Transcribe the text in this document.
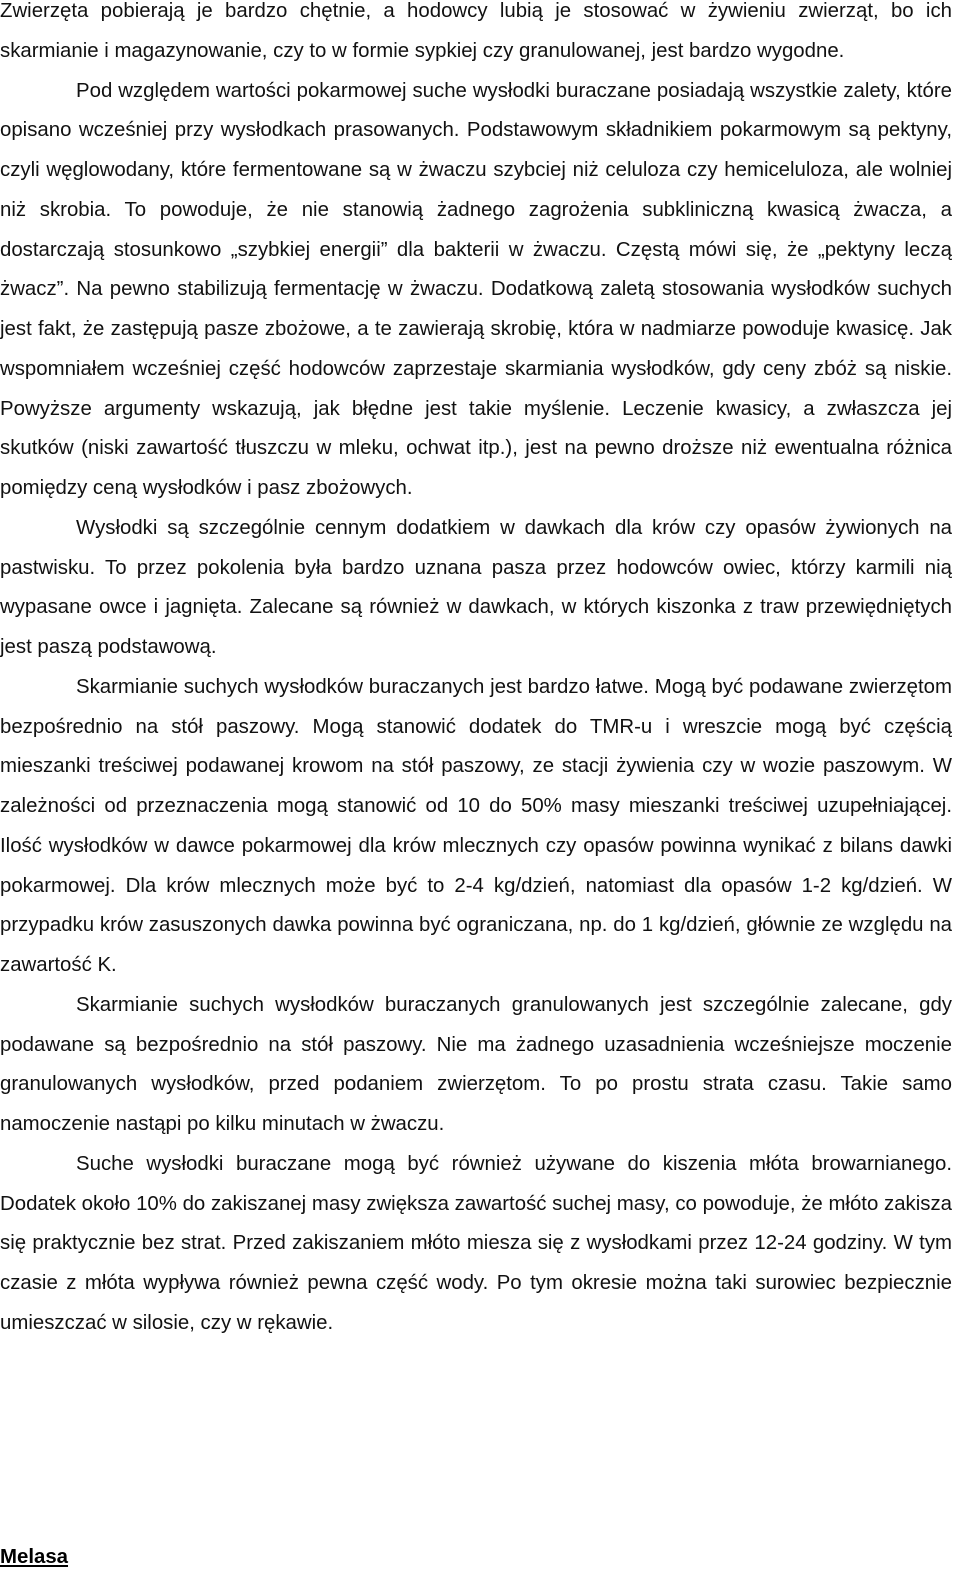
Zwierzęta pobierają je bardzo chętnie, a hodowcy lubią je stosować w żywieniu zwierząt, bo ich skarmianie i magazynowanie, czy to w formie sypkiej czy granulowanej, jest bardzo wygodne.

Pod względem wartości pokarmowej suche wysłodki buraczane posiadają wszystkie zalety, które opisano wcześniej przy wysłodkach prasowanych. Podstawowym składnikiem pokarmowym są pektyny, czyli węglowodany, które fermentowane są w żwaczu szybciej niż celuloza czy hemiceluloza, ale wolniej niż skrobia. To powoduje, że nie stanowią żadnego zagrożenia subkliniczną kwasicą żwacza, a dostarczają stosunkowo „szybkiej energii” dla bakterii w żwaczu. Częstą mówi się, że „pektyny leczą żwacz”. Na pewno stabilizują fermentację w żwaczu. Dodatkową zaletą stosowania wysłodków suchych jest fakt, że zastępują pasze zbożowe, a te zawierają skrobię, która w nadmiarze powoduje kwasicę. Jak wspomniałem wcześniej część hodowców zaprzestaje skarmiania wysłodków, gdy ceny zbóż są niskie. Powyższe argumenty wskazują, jak błędne jest takie myślenie. Leczenie kwasicy, a zwłaszcza jej skutków (niski zawartość tłuszczu w mleku, ochwat itp.), jest na pewno droższe niż ewentualna różnica pomiędzy ceną wysłodków i pasz zbożowych.

Wysłodki są szczególnie cennym dodatkiem w dawkach dla krów czy opasów żywionych na pastwisku. To przez pokolenia była bardzo uznana pasza przez hodowców owiec, którzy karmili nią wypasane owce i jagnięta. Zalecane są również w dawkach, w których kiszonka z traw przewiędniętych jest paszą podstawową.

Skarmianie suchych wysłodków buraczanych jest bardzo łatwe. Mogą być podawane zwierzętom bezpośrednio na stół paszowy. Mogą stanowić dodatek do TMR-u i wreszcie mogą być częścią mieszanki treściwej podawanej krowom na stół paszowy, ze stacji żywienia czy w wozie paszowym. W zależności od przeznaczenia mogą stanowić od 10 do 50% masy mieszanki treściwej uzupełniającej. Ilość wysłodków w dawce pokarmowej dla krów mlecznych czy opasów powinna wynikać z bilans dawki pokarmowej. Dla krów mlecznych może być to 2-4 kg/dzień, natomiast dla opasów 1-2 kg/dzień. W przypadku krów zasuszonych dawka powinna być ograniczana, np. do 1 kg/dzień, głównie ze względu na zawartość K.

Skarmianie suchych wysłodków buraczanych granulowanych jest szczególnie zalecane, gdy podawane są bezpośrednio na stół paszowy. Nie ma żadnego uzasadnienia wcześniejsze moczenie granulowanych wysłodków, przed podaniem zwierzętom. To po prostu strata czasu. Takie samo namoczenie nastąpi po kilku minutach w żwaczu.

Suche wysłodki buraczane mogą być również używane do kiszenia młóta browarnianego. Dodatek około 10% do zakiszanej masy zwiększa zawartość suchej masy, co powoduje, że młóto zakisza się praktycznie bez strat. Przed zakiszaniem młóto miesza się z wysłodkami przez 12-24 godziny. W tym czasie z młóta wypływa również pewna część wody. Po tym okresie można taki surowiec bezpiecznie umieszczać w silosie, czy w rękawie.

Melasa
